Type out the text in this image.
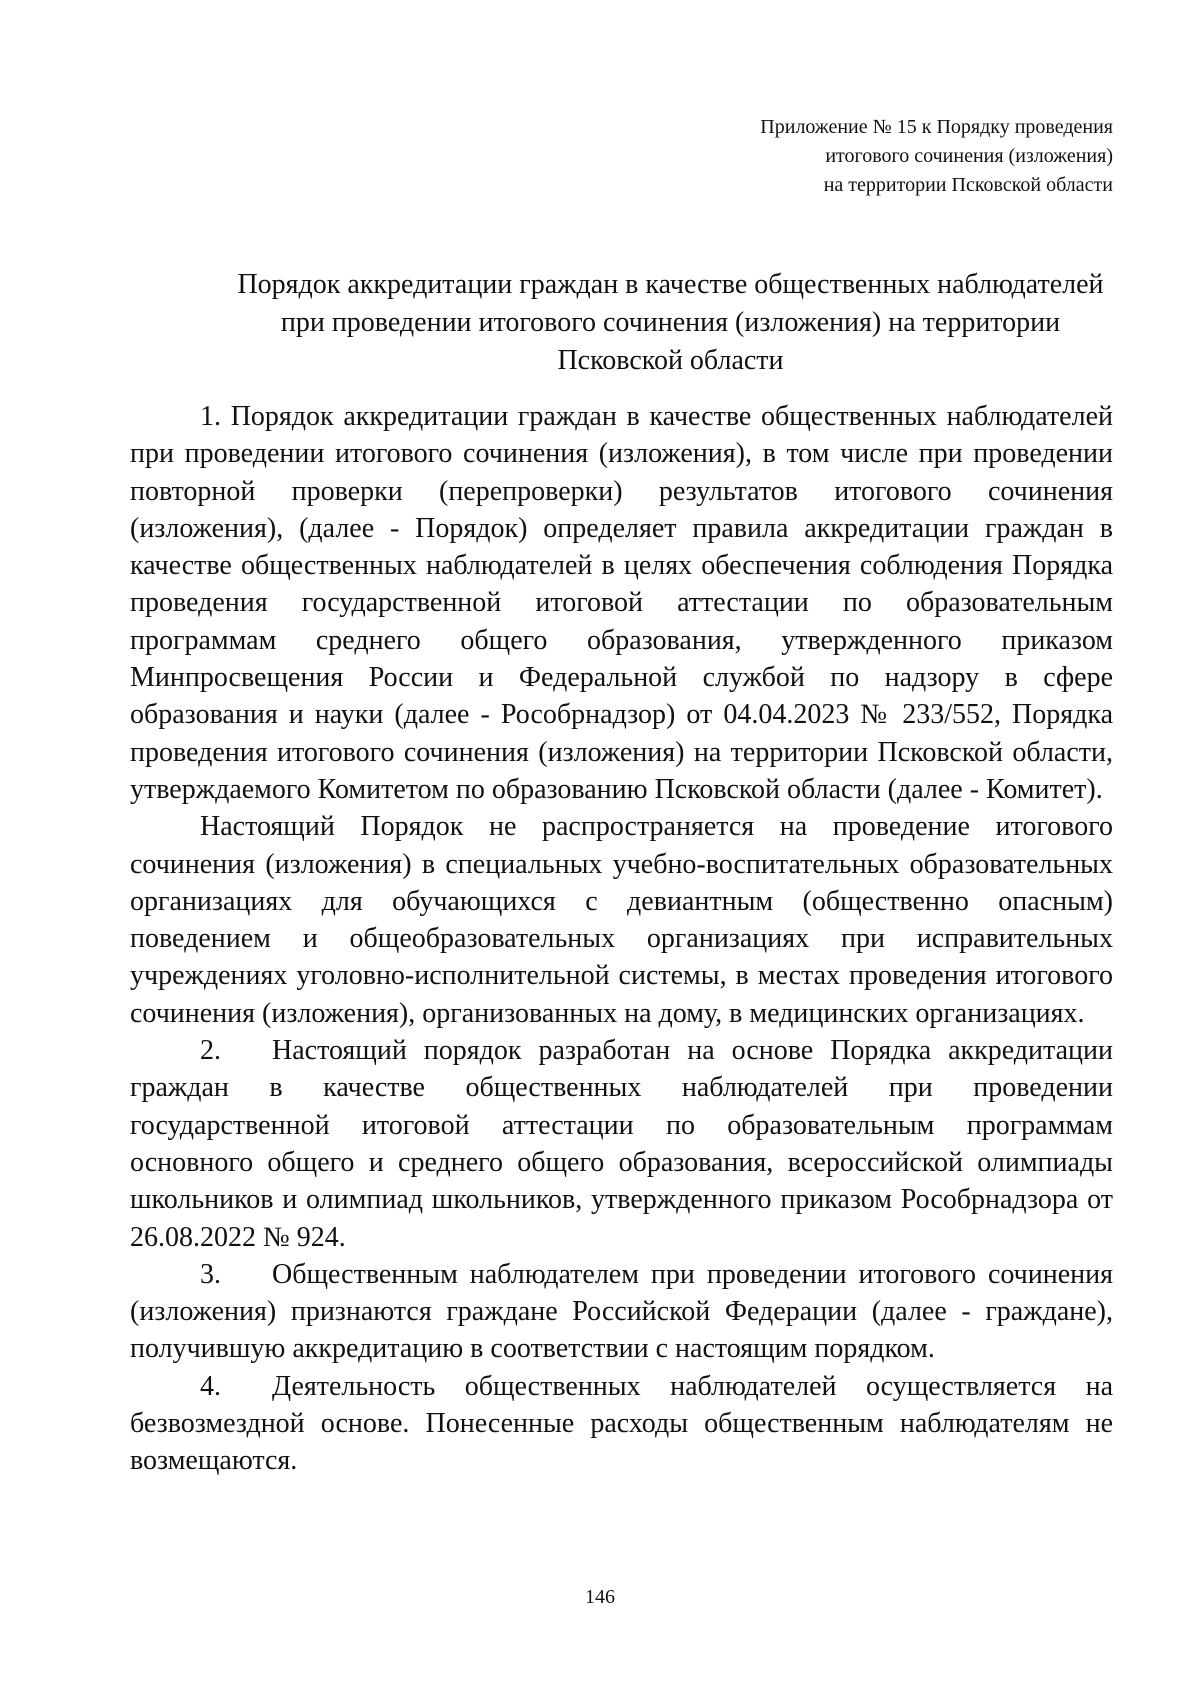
Приложение № 15 к Порядку проведения
итогового сочинения (изложения)
на территории Псковской области
Порядок аккредитации граждан в качестве общественных наблюдателей
при проведении итогового сочинения (изложения) на территории
Псковской области

1. Порядок аккредитации граждан в качестве общественных наблюдателей при проведении итогового сочинения (изложения), в том числе при проведении повторной проверки (перепроверки) результатов итогового сочинения (изложения), (далее - Порядок) определяет правила аккредитации граждан в качестве общественных наблюдателей в целях обеспечения соблюдения Порядка проведения государственной итоговой аттестации по образовательным программам среднего общего образования, утвержденного приказом Минпросвещения России и Федеральной службой по надзору в сфере образования и науки (далее - Рособрнадзор) от 04.04.2023 № 233/552, Порядка проведения итогового сочинения (изложения) на территории Псковской области, утверждаемого Комитетом по образованию Псковской области (далее - Комитет).

Настоящий Порядок не распространяется на проведение итогового сочинения (изложения) в специальных учебно-воспитательных образовательных организациях для обучающихся с девиантным (общественно опасным) поведением и общеобразовательных организациях при исправительных учреждениях уголовно-исполнительной системы, в местах проведения итогового сочинения (изложения), организованных на дому, в медицинских организациях.

2. Настоящий порядок разработан на основе Порядка аккредитации граждан в качестве общественных наблюдателей при проведении государственной итоговой аттестации по образовательным программам основного общего и среднего общего образования, всероссийской олимпиады школьников и олимпиад школьников, утвержденного приказом Рособрнадзора от 26.08.2022 № 924.

3. Общественным наблюдателем при проведении итогового сочинения (изложения) признаются граждане Российской Федерации (далее - граждане), получившую аккредитацию в соответствии с настоящим порядком.

4. Деятельность общественных наблюдателей осуществляется на безвозмездной основе. Понесенные расходы общественным наблюдателям не возмещаются.

146
